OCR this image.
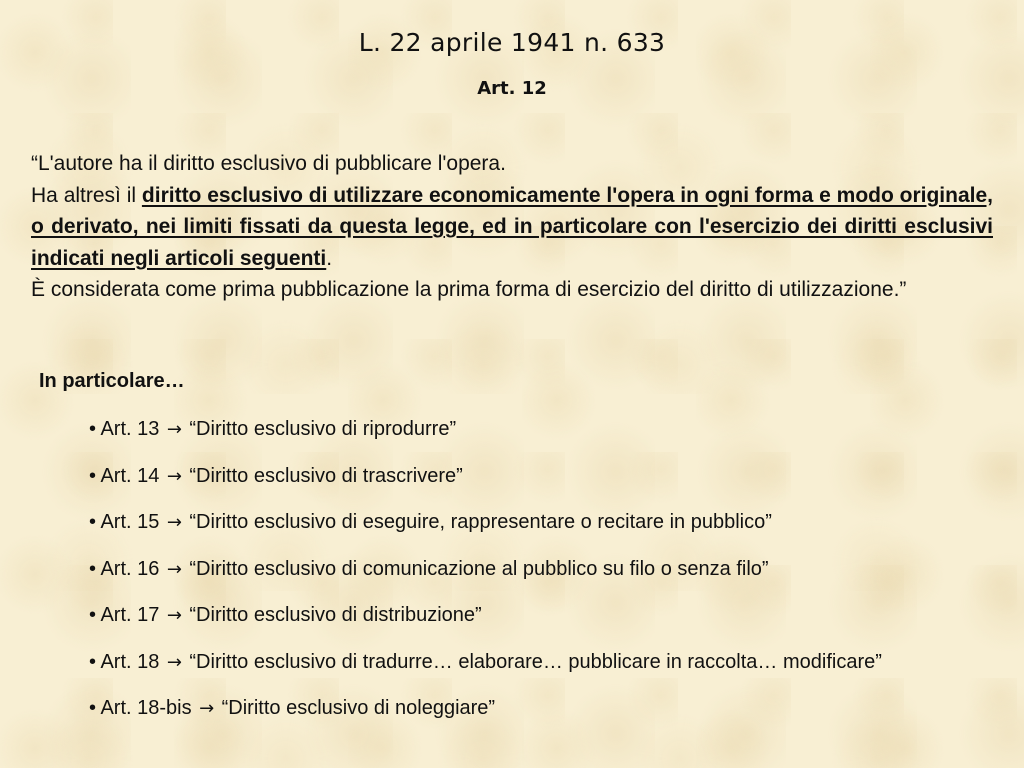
L. 22 aprile 1941 n. 633
Art. 12

“L'autore ha il diritto esclusivo di pubblicare l'opera.

Ha altresì il diritto esclusivo di utilizzare economicamente l'opera in ogni forma e modo originale, o derivato, nei limiti fissati da questa legge, ed in particolare con l'esercizio dei diritti esclusivi indicati negli articoli seguenti.

È considerata come prima pubblicazione la prima forma di esercizio del diritto di utilizzazione.”

In particolare…
• Art. 13 → “Diritto esclusivo di riprodurre”
• Art. 14 → “Diritto esclusivo di trascrivere”
• Art. 15 → “Diritto esclusivo di eseguire, rappresentare o recitare in pubblico”
• Art. 16 → “Diritto esclusivo di comunicazione al pubblico su filo o senza filo”
• Art. 17 → “Diritto esclusivo di distribuzione”
• Art. 18 → “Diritto esclusivo di tradurre… elaborare… pubblicare in raccolta… modificare”
• Art. 18-bis → “Diritto esclusivo di noleggiare”
